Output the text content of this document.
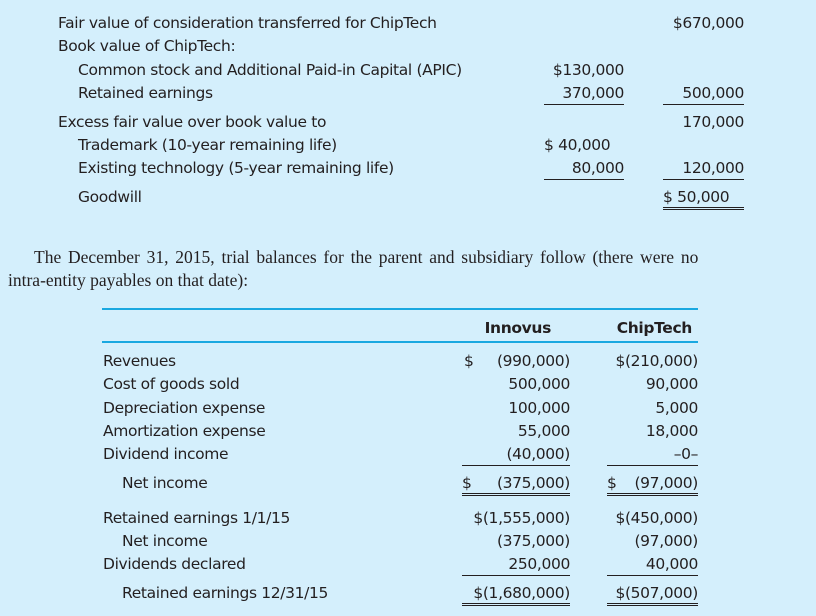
Fair value of consideration transferred for ChipTech
Book value of ChipTech:
Common stock and Additional Paid-in Capital (APIC)
Retained earnings
Excess fair value over book value to
Trademark (10-year remaining life)
Existing technology (5-year remaining life)
Goodwill
$670,000
500,000
170,000
120,000
$ 50,000
$130,000
370,000
$ 40,000
80,000
The December 31, 2015, trial balances for the parent and subsidiary follow (there were no
intra-entity payables on that date):
Innovus	ChipTech
Revenues
Cost of goods sold
Depreciation expense
Amortization expense
Dividend income
Net income
Retained earnings 1/1/15
Net income
Dividends declared
Retained earnings 12/31/15
$ (990,000)
500,000
100,000
55,000
(40,000)
$ (375,000)
$(1,555,000)
(375,000)
250,000
$(1,680,000)
$(210,000)
90,000
5,000
18,000
–0–
$ (97,000)
$(450,000)
(97,000)
40,000
$(507,000)
